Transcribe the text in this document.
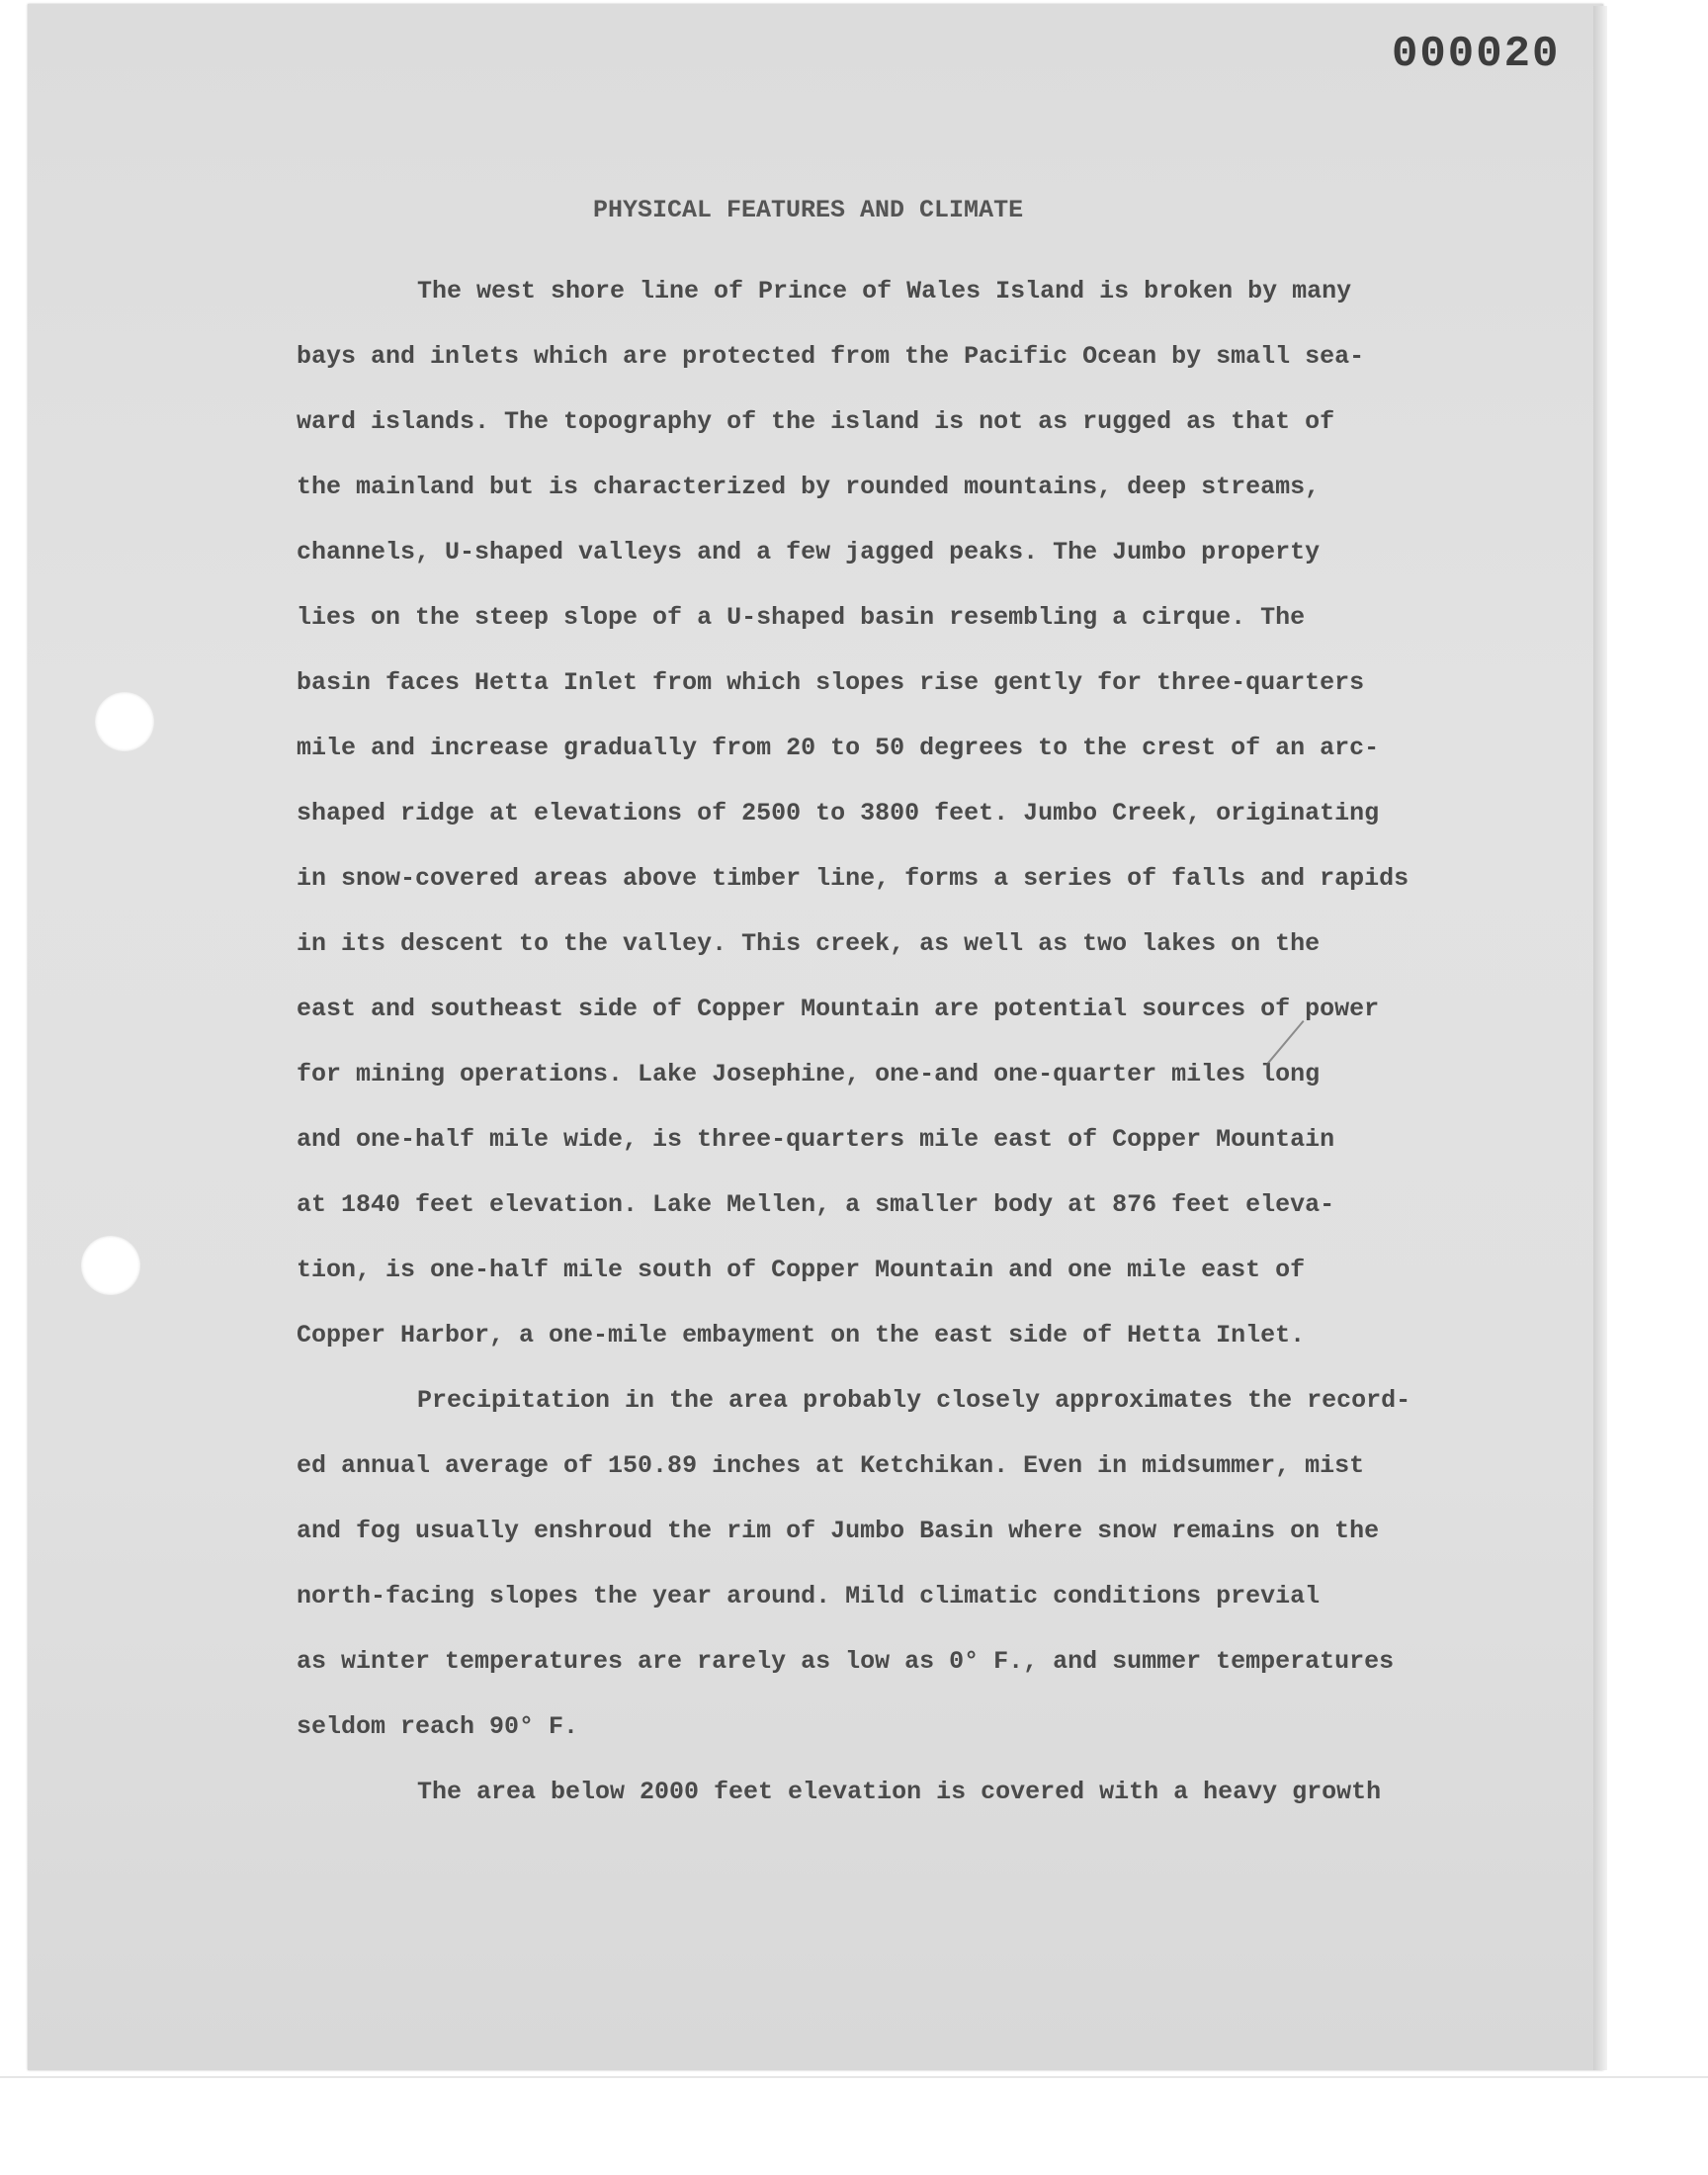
000020
PHYSICAL FEATURES AND CLIMATE
The west shore line of Prince of Wales Island is broken by many
bays and inlets which are protected from the Pacific Ocean by small sea-
ward islands. The topography of the island is not as rugged as that of
the mainland but is characterized by rounded mountains, deep streams,
channels, U-shaped valleys and a few jagged peaks. The Jumbo property
lies on the steep slope of a U-shaped basin resembling a cirque. The
basin faces Hetta Inlet from which slopes rise gently for three-quarters
mile and increase gradually from 20 to 50 degrees to the crest of an arc-
shaped ridge at elevations of 2500 to 3800 feet. Jumbo Creek, originating
in snow-covered areas above timber line, forms a series of falls and rapids
in its descent to the valley. This creek, as well as two lakes on the
east and southeast side of Copper Mountain are potential sources of power
for mining operations. Lake Josephine, one-and one-quarter miles long
and one-half mile wide, is three-quarters mile east of Copper Mountain
at 1840 feet elevation. Lake Mellen, a smaller body at 876 feet eleva-
tion, is one-half mile south of Copper Mountain and one mile east of
Copper Harbor, a one-mile embayment on the east side of Hetta Inlet.
Precipitation in the area probably closely approximates the record-
ed annual average of 150.89 inches at Ketchikan. Even in midsummer, mist
and fog usually enshroud the rim of Jumbo Basin where snow remains on the
north-facing slopes the year around. Mild climatic conditions previal
as winter temperatures are rarely as low as 0° F., and summer temperatures
seldom reach 90° F.
The area below 2000 feet elevation is covered with a heavy growth
